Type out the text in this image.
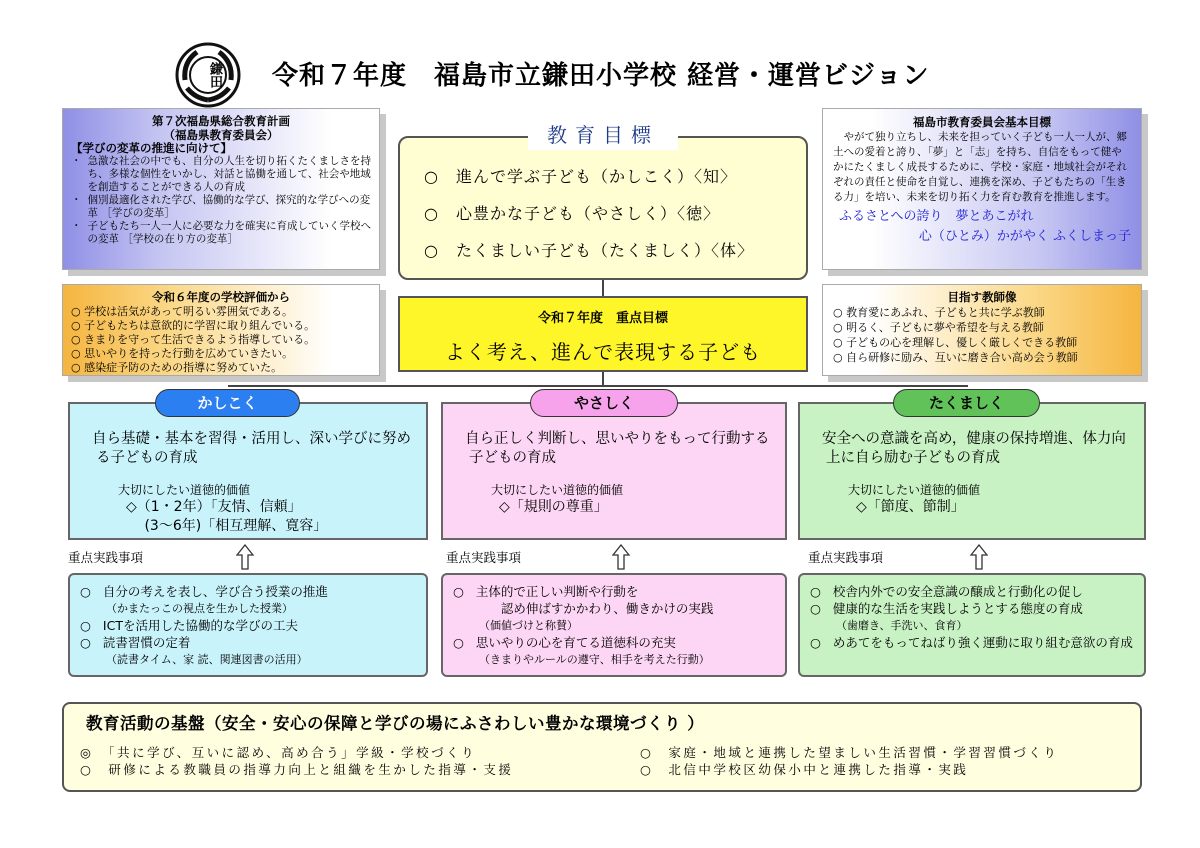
鎌田 令和７年度　福島市立鎌田小学校 経営・運営ビジョン
第７次福島県総合教育計画
（福島県教育委員会）
【学びの変革の推進に向けて】
・ 急激な社会の中でも、自分の人生を切り拓くたくましさを持ち、多様な個性をいかし、対話と協働を通して、社会や地域を創造することができる人の育成
・ 個別最適化された学び、協働的な学び、探究的な学びへの変革 ［学びの変革］
・ 子どもたち一人一人に必要な力を確実に育成していく学校への変革 ［学校の在り方の変革］
福島市教育委員会基本目標
やがて独り立ちし、未来を担っていく子ども一人一人が、郷土への愛着と誇り、「夢」と「志」を持ち、自信をもって健やかにたくましく成長するために、学校・家庭・地域社会がそれぞれの責任と使命を自覚し、連携を深め、子どもたちの「生きる力」を培い、未来を切り拓く力を育む教育を推進します。
ふるさとへの誇り　夢とあこがれ
心（ひとみ）かがやく ふくしまっ子
○　進んで学ぶ子ども（かしこく）〈知〉
○　心豊かな子ども（やさしく）〈徳〉
○　たくましい子ども（たくましく）〈体〉
教育目標
令和６年度の学校評価から
○ 学校は活気があって明るい雰囲気である。
○ 子どもたちは意欲的に学習に取り組んでいる。
○ きまりを守って生活できるよう指導している。
○ 思いやりを持った行動を広めていきたい。
○ 感染症予防のための指導に努めていた。
令和７年度　重点目標
よく考え、進んで表現する子ども
目指す教師像
○ 教育愛にあふれ、子どもと共に学ぶ教師
○ 明るく、子どもに夢や希望を与える教師
○ 子どもの心を理解し、優しく厳しくできる教師
○ 自ら研修に励み、互いに磨き合い高め会う教師
自ら基礎・基本を習得・活用し、深い学びに努める子どもの育成
大切にしたい道徳的価値
◇（1・2年）「友情、信頼」
　 (3～6年)「相互理解、寛容」
自ら正しく判断し、思いやりをもって行動する子どもの育成
大切にしたい道徳的価値
◇「規則の尊重」
安全への意識を高め，健康の保持増進、体力向上に自ら励む子どもの育成
大切にしたい道徳的価値
◇「節度、節制」
かしこく	やさしく	たくましく
重点実践事項	重点実践事項	重点実践事項
○ 自分の考えを表し、学び合う授業の推進
（かまたっこの視点を生かした授業）
○ ICTを活用した協働的な学びの工夫
○ 読書習慣の定着
（読書タイム、家 読、関連図書の活用）
○ 主体的で正しい判断や行動を
　　認め伸ばすかかわり、働きかけの実践
（価値づけと称賛）
○ 思いやりの心を育てる道徳科の充実
（きまりやルールの遵守、相手を考えた行動）
○ 校舎内外での安全意識の醸成と行動化の促し
○ 健康的な生活を実践しようとする態度の育成
（歯磨き、手洗い、食育）
○ めあてをもってねばり強く運動に取り組む意欲の育成
教育活動の基盤（安全・安心の保障と学びの場にふさわしい豊かな環境づくり ）
◎　「共に学び、互いに認め、高め合う」学級・学校づくり	○　家庭・地域と連携した望ましい生活習慣・学習習慣づくり
○　研修による教職員の指導力向上と組織を生かした指導・支援	○　北信中学校区幼保小中と連携した指導・実践
